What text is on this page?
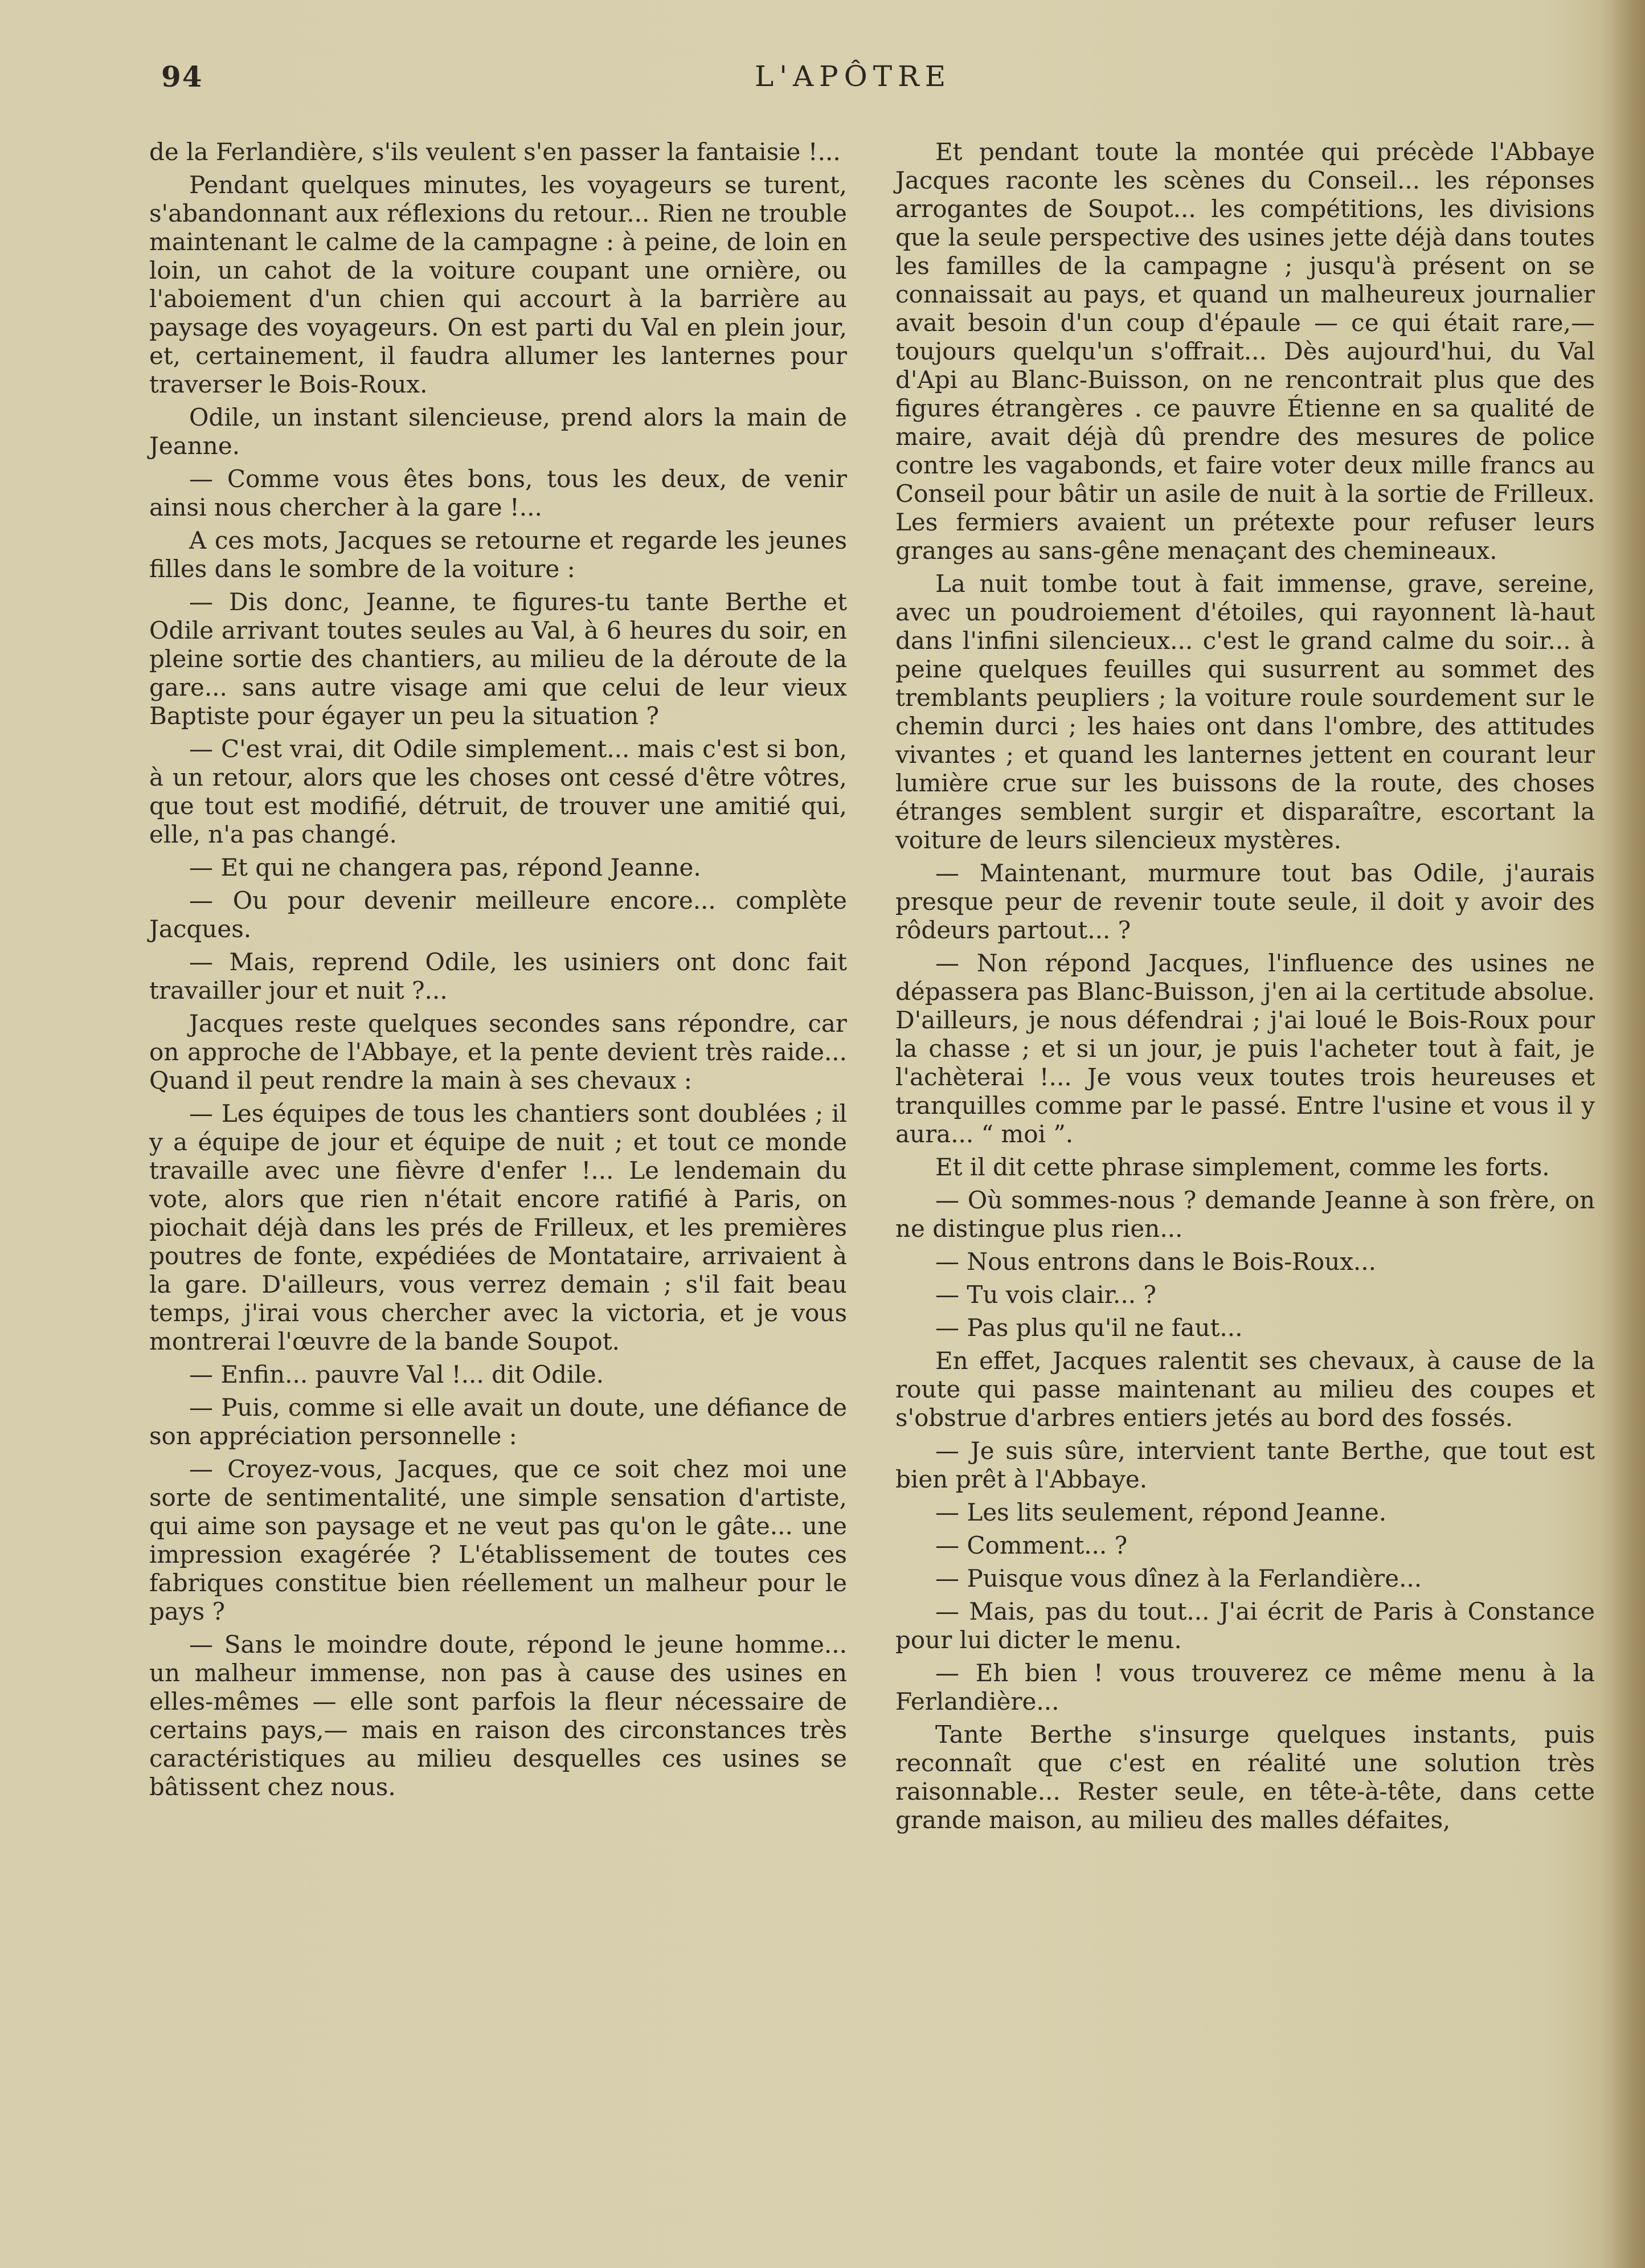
94	L'APÔTRE

de la Ferlandière, s'ils veulent s'en passer la fantaisie !...

Pendant quelques minutes, les voyageurs se turent, s'abandonnant aux réflexions du retour... Rien ne trouble maintenant le calme de la campagne : à peine, de loin en loin, un cahot de la voiture coupant une ornière, ou l'aboiement d'un chien qui accourt à la barrière au paysage des voyageurs. On est parti du Val en plein jour, et, certainement, il faudra allumer les lanternes pour traverser le Bois-Roux.

Odile, un instant silencieuse, prend alors la main de Jeanne.

— Comme vous êtes bons, tous les deux, de venir ainsi nous chercher à la gare !...

A ces mots, Jacques se retourne et regarde les jeunes filles dans le sombre de la voiture :

— Dis donc, Jeanne, te figures-tu tante Berthe et Odile arrivant toutes seules au Val, à 6 heures du soir, en pleine sortie des chantiers, au milieu de la déroute de la gare... sans autre visage ami que celui de leur vieux Baptiste pour égayer un peu la situation ?

— C'est vrai, dit Odile simplement... mais c'est si bon, à un retour, alors que les choses ont cessé d'être vôtres, que tout est modifié, détruit, de trouver une amitié qui, elle, n'a pas changé.

— Et qui ne changera pas, répond Jeanne.

— Ou pour devenir meilleure encore... complète Jacques.

— Mais, reprend Odile, les usiniers ont donc fait travailler jour et nuit ?...

Jacques reste quelques secondes sans répondre, car on approche de l'Abbaye, et la pente devient très raide... Quand il peut rendre la main à ses chevaux :

— Les équipes de tous les chantiers sont doublées ; il y a équipe de jour et équipe de nuit ; et tout ce monde travaille avec une fièvre d'enfer !... Le lendemain du vote, alors que rien n'était encore ratifié à Paris, on piochait déjà dans les prés de Frilleux, et les premières poutres de fonte, expédiées de Montataire, arrivaient à la gare. D'ailleurs, vous verrez demain ; s'il fait beau temps, j'irai vous chercher avec la victoria, et je vous montrerai l'œuvre de la bande Soupot.

— Enfin... pauvre Val !... dit Odile.

— Puis, comme si elle avait un doute, une défiance de son appréciation personnelle :

— Croyez-vous, Jacques, que ce soit chez moi une sorte de sentimentalité, une simple sensation d'artiste, qui aime son paysage et ne veut pas qu'on le gâte... une impression exagérée ? L'établissement de toutes ces fabriques constitue bien réellement un malheur pour le pays ?

— Sans le moindre doute, répond le jeune homme... un malheur immense, non pas à cause des usines en elles-mêmes — elle sont parfois la fleur nécessaire de certains pays,— mais en raison des circonstances très caractéristiques au milieu desquelles ces usines se bâtissent chez nous.

Et pendant toute la montée qui précède l'Abbaye Jacques raconte les scènes du Conseil... les réponses arrogantes de Soupot... les compétitions, les divisions que la seule perspective des usines jette déjà dans toutes les familles de la campagne ; jusqu'à présent on se connaissait au pays, et quand un malheureux journalier avait besoin d'un coup d'épaule — ce qui était rare,— toujours quelqu'un s'offrait... Dès aujourd'hui, du Val d'Api au Blanc-Buisson, on ne rencontrait plus que des figures étrangères . ce pauvre Étienne en sa qualité de maire, avait déjà dû prendre des mesures de police contre les vagabonds, et faire voter deux mille francs au Conseil pour bâtir un asile de nuit à la sortie de Frilleux. Les fermiers avaient un prétexte pour refuser leurs granges au sans-gêne menaçant des chemineaux.

La nuit tombe tout à fait immense, grave, sereine, avec un poudroiement d'étoiles, qui rayonnent là-haut dans l'infini silencieux... c'est le grand calme du soir... à peine quelques feuilles qui susurrent au sommet des tremblants peupliers ; la voiture roule sourdement sur le chemin durci ; les haies ont dans l'ombre, des attitudes vivantes ; et quand les lanternes jettent en courant leur lumière crue sur les buissons de la route, des choses étranges semblent surgir et disparaître, escortant la voiture de leurs silencieux mystères.

— Maintenant, murmure tout bas Odile, j'aurais presque peur de revenir toute seule, il doit y avoir des rôdeurs partout... ?

— Non répond Jacques, l'influence des usines ne dépassera pas Blanc-Buisson, j'en ai la certitude absolue. D'ailleurs, je nous défendrai ; j'ai loué le Bois-Roux pour la chasse ; et si un jour, je puis l'acheter tout à fait, je l'achèterai !... Je vous veux toutes trois heureuses et tranquilles comme par le passé. Entre l'usine et vous il y aura... “ moi ”.

Et il dit cette phrase simplement, comme les forts.

— Où sommes-nous ? demande Jeanne à son frère, on ne distingue plus rien...

— Nous entrons dans le Bois-Roux...

— Tu vois clair... ?

— Pas plus qu'il ne faut...

En effet, Jacques ralentit ses chevaux, à cause de la route qui passe maintenant au milieu des coupes et s'obstrue d'arbres entiers jetés au bord des fossés.

— Je suis sûre, intervient tante Berthe, que tout est bien prêt à l'Abbaye.

— Les lits seulement, répond Jeanne.

— Comment... ?

— Puisque vous dînez à la Ferlandière...

— Mais, pas du tout... J'ai écrit de Paris à Constance pour lui dicter le menu.

— Eh bien ! vous trouverez ce même menu à la Ferlandière...

Tante Berthe s'insurge quelques instants, puis reconnaît que c'est en réalité une solution très raisonnable... Rester seule, en tête-à-tête, dans cette grande maison, au milieu des malles défaites,
